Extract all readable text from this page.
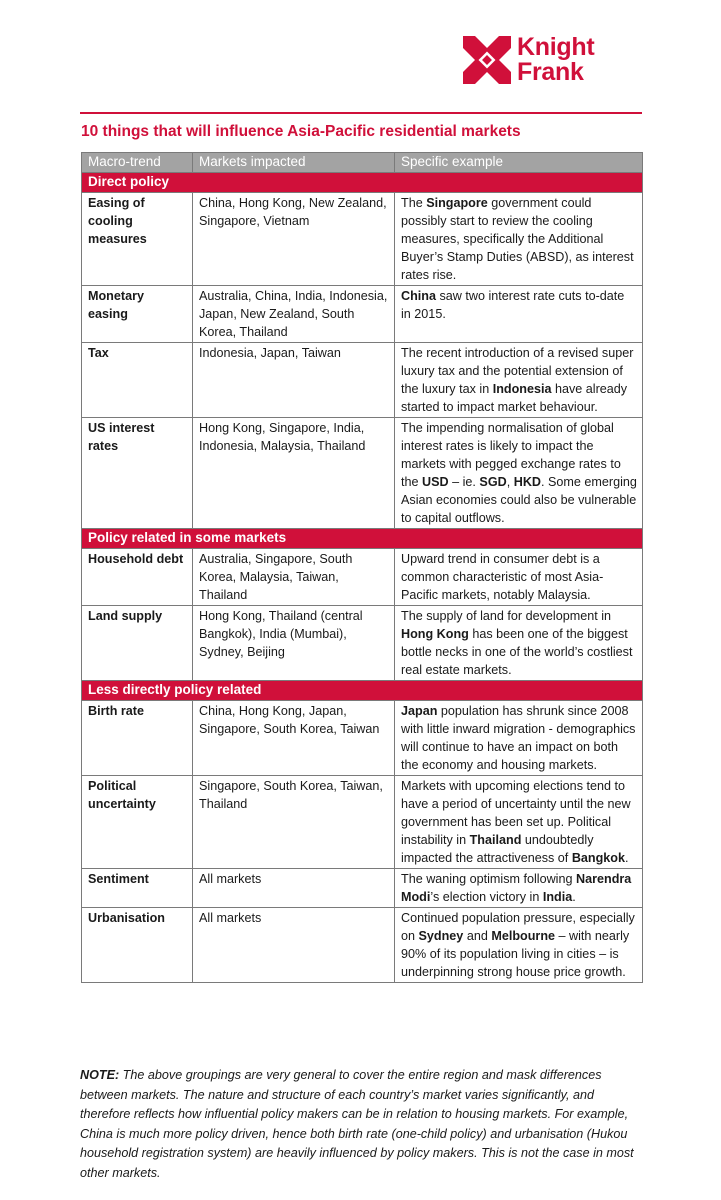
Knight
Frank
10 things that will influence Asia-Pacific residential markets
Macro-trend	Markets impacted	Specific example
Direct policy		
Easing of cooling measures	China, Hong Kong, New Zealand, Singapore, Vietnam	The Singapore government could possibly start to review the cooling measures, specifically the Additional Buyer’s Stamp Duties (ABSD), as interest rates rise.
Monetary easing	Australia, China, India, Indonesia, Japan, New Zealand, South Korea, Thailand	China saw two interest rate cuts to-date in 2015.
Tax	Indonesia, Japan, Taiwan	The recent introduction of a revised super luxury tax and the potential extension of the luxury tax in Indonesia have already started to impact market behaviour.
US interest rates	Hong Kong, Singapore, India, Indonesia, Malaysia, Thailand	The impending normalisation of global interest rates is likely to impact the markets with pegged exchange rates to the USD – ie. SGD, HKD. Some emerging Asian economies could also be vulnerable to capital outflows.
Policy related in some markets		
Household debt	Australia, Singapore, South Korea, Malaysia, Taiwan, Thailand	Upward trend in consumer debt is a common characteristic of most Asia-Pacific markets, notably Malaysia.
Land supply	Hong Kong, Thailand (central Bangkok), India (Mumbai), Sydney, Beijing	The supply of land for development in Hong Kong has been one of the biggest bottle necks in one of the world’s costliest real estate markets.
Less directly policy related		
Birth rate	China, Hong Kong, Japan, Singapore, South Korea, Taiwan	Japan population has shrunk since 2008 with little inward migration - demographics will continue to have an impact on both the economy and housing markets.
Political uncertainty	Singapore, South Korea, Taiwan, Thailand	Markets with upcoming elections tend to have a period of uncertainty until the new government has been set up. Political instability in Thailand undoubtedly impacted the attractiveness of Bangkok.
Sentiment	All markets	The waning optimism following Narendra Modi’s election victory in India.
Urbanisation	All markets	Continued population pressure, especially on Sydney and Melbourne – with nearly 90% of its population living in cities – is underpinning strong house price growth.

NOTE: The above groupings are very general to cover the entire region and mask differences between markets. The nature and structure of each country’s market varies significantly, and therefore reflects how influential policy makers can be in relation to housing markets. For example, China is much more policy driven, hence both birth rate (one-child policy) and urbanisation (Hukou household registration system) are heavily influenced by policy makers. This is not the case in most other markets.
